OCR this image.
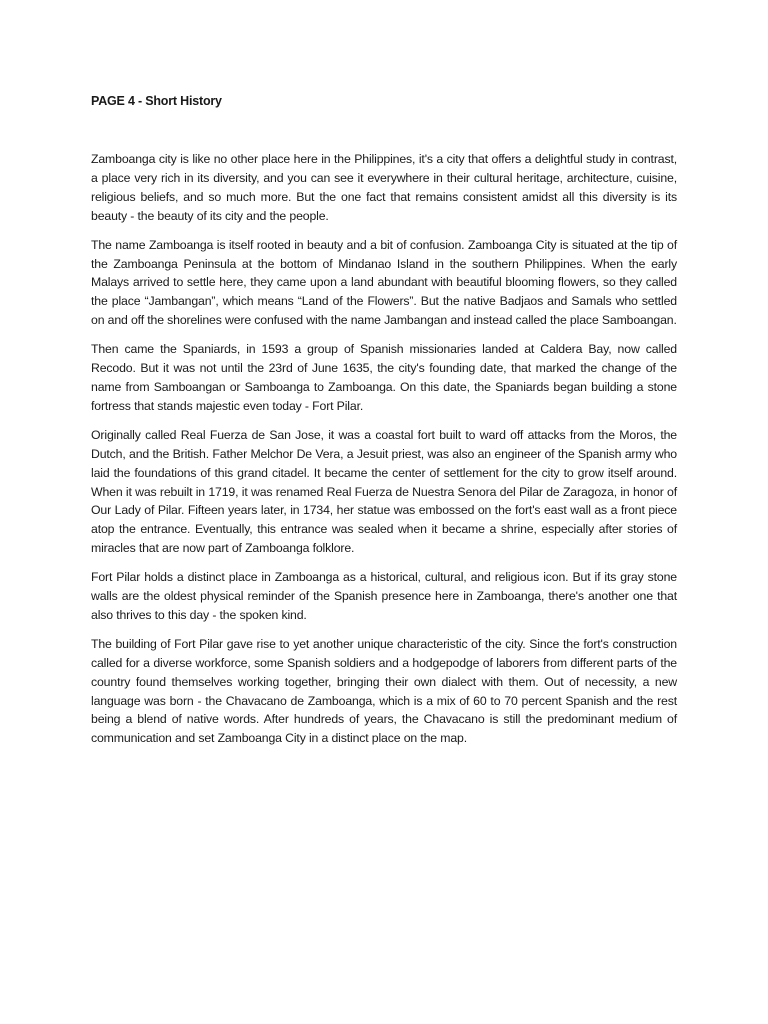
PAGE 4 - Short History

Zamboanga city is like no other place here in the Philippines, it's a city that offers a delightful study in contrast, a place very rich in its diversity, and you can see it everywhere in their cultural heritage, architecture, cuisine, religious beliefs, and so much more. But the one fact that remains consistent amidst all this diversity is its beauty - the beauty of its city and the people.

The name Zamboanga is itself rooted in beauty and a bit of confusion. Zamboanga City is situated at the tip of the Zamboanga Peninsula at the bottom of Mindanao Island in the southern Philippines. When the early Malays arrived to settle here, they came upon a land abundant with beautiful blooming flowers, so they called the place “Jambangan”, which means “Land of the Flowers”. But the native Badjaos and Samals who settled on and off the shorelines were confused with the name Jambangan and instead called the place Samboangan.

Then came the Spaniards, in 1593 a group of Spanish missionaries landed at Caldera Bay, now called Recodo. But it was not until the 23rd of June 1635, the city's founding date, that marked the change of the name from Samboangan or Samboanga to Zamboanga. On this date, the Spaniards began building a stone fortress that stands majestic even today - Fort Pilar.

Originally called Real Fuerza de San Jose, it was a coastal fort built to ward off attacks from the Moros, the Dutch, and the British. Father Melchor De Vera, a Jesuit priest, was also an engineer of the Spanish army who laid the foundations of this grand citadel. It became the center of settlement for the city to grow itself around. When it was rebuilt in 1719, it was renamed Real Fuerza de Nuestra Senora del Pilar de Zaragoza, in honor of Our Lady of Pilar. Fifteen years later, in 1734, her statue was embossed on the fort's east wall as a front piece atop the entrance. Eventually, this entrance was sealed when it became a shrine, especially after stories of miracles that are now part of Zamboanga folklore.

Fort Pilar holds a distinct place in Zamboanga as a historical, cultural, and religious icon. But if its gray stone walls are the oldest physical reminder of the Spanish presence here in Zamboanga, there's another one that also thrives to this day - the spoken kind.

The building of Fort Pilar gave rise to yet another unique characteristic of the city. Since the fort's construction called for a diverse workforce, some Spanish soldiers and a hodgepodge of laborers from different parts of the country found themselves working together, bringing their own dialect with them. Out of necessity, a new language was born - the Chavacano de Zamboanga, which is a mix of 60 to 70 percent Spanish and the rest being a blend of native words. After hundreds of years, the Chavacano is still the predominant medium of communication and set Zamboanga City in a distinct place on the map.
